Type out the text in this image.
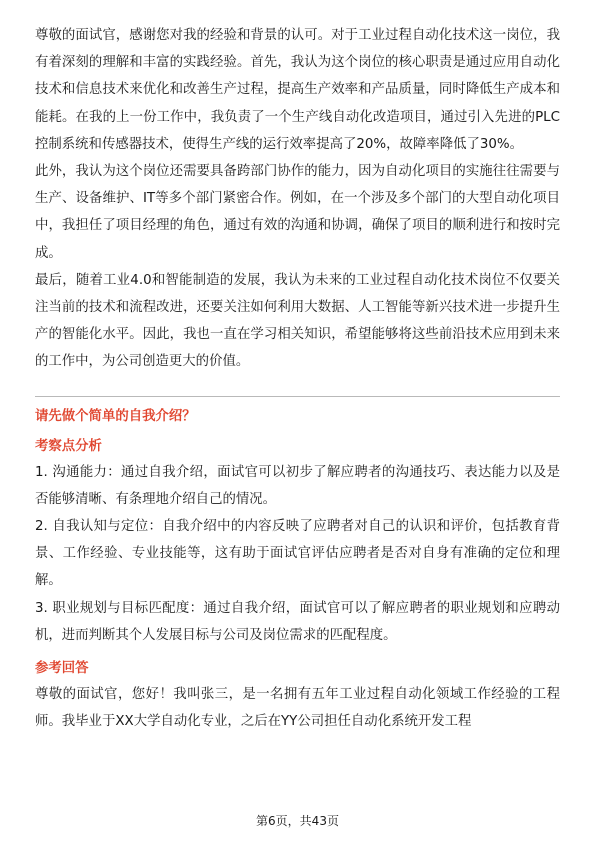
尊敬的面试官，感谢您对我的经验和背景的认可。对于工业过程自动化技术这一岗位，我有着深刻的理解和丰富的实践经验。首先，我认为这个岗位的核心职责是通过应用自动化技术和信息技术来优化和改善生产过程，提高生产效率和产品质量，同时降低生产成本和能耗。在我的上一份工作中，我负责了一个生产线自动化改造项目，通过引入先进的PLC控制系统和传感器技术，使得生产线的运行效率提高了20%，故障率降低了30%。

此外，我认为这个岗位还需要具备跨部门协作的能力，因为自动化项目的实施往往需要与生产、设备维护、IT等多个部门紧密合作。例如，在一个涉及多个部门的大型自动化项目中，我担任了项目经理的角色，通过有效的沟通和协调，确保了项目的顺利进行和按时完成。

最后，随着工业4.0和智能制造的发展，我认为未来的工业过程自动化技术岗位不仅要关注当前的技术和流程改进，还要关注如何利用大数据、人工智能等新兴技术进一步提升生产的智能化水平。因此，我也一直在学习相关知识，希望能够将这些前沿技术应用到未来的工作中，为公司创造更大的价值。

请先做个简单的自我介绍？

考察点分析

1. 沟通能力：通过自我介绍，面试官可以初步了解应聘者的沟通技巧、表达能力以及是否能够清晰、有条理地介绍自己的情况。

2. 自我认知与定位：自我介绍中的内容反映了应聘者对自己的认识和评价，包括教育背景、工作经验、专业技能等，这有助于面试官评估应聘者是否对自身有准确的定位和理解。

3. 职业规划与目标匹配度：通过自我介绍，面试官可以了解应聘者的职业规划和应聘动机，进而判断其个人发展目标与公司及岗位需求的匹配程度。

参考回答

尊敬的面试官，您好！我叫张三，是一名拥有五年工业过程自动化领域工作经验的工程师。我毕业于XX大学自动化专业，之后在YY公司担任自动化系统开发工程

第6页，共43页
